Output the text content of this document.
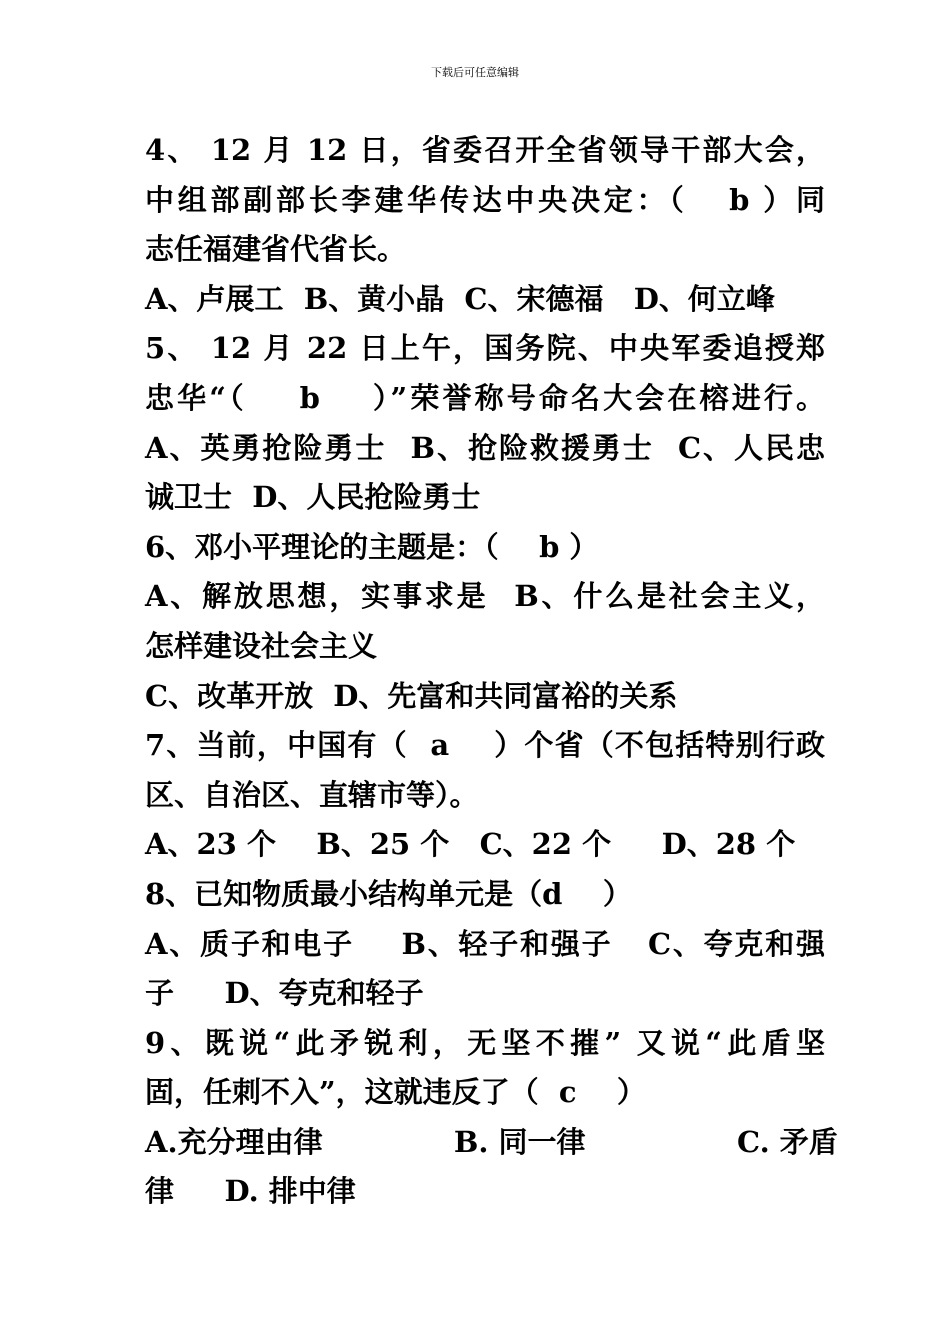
下载后可任意编辑
4、 12 月 12 日，省委召开全省领导干部大会，
中组部副部长李建华传达中央决定：（   b ）同
志任福建省代省长。
A、卢展工  B、黄小晶  C、宋德福   D、何立峰
5、 12 月 22 日上午，国务院、中央军委追授郑
忠华“（    b    ）”荣誉称号命名大会在榕进行。
A、英勇抢险勇士  B、抢险救援勇士  C、人民忠
诚卫士  D、人民抢险勇士
6、邓小平理论的主题是：（    b ）
A、解放思想，实事求是  B、什么是社会主义，
怎样建设社会主义
C、改革开放  D、先富和共同富裕的关系
7、当前，中国有（  a    ）个省（不包括特别行政
区、自治区、直辖市等）。
A、23 个    B、25 个   C、22 个     D、28 个
8、已知物质最小结构单元是（d    ）
A、质子和电子    B、轻子和强子   C、夸克和强
子     D、夸克和轻子
9、既说“此矛锐利，无坚不摧” 又说“此盾坚
固，任刺不入”，这就违反了（  c    ）
A.充分理由律             B. 同一律               C. 矛盾
律     D. 排中律
